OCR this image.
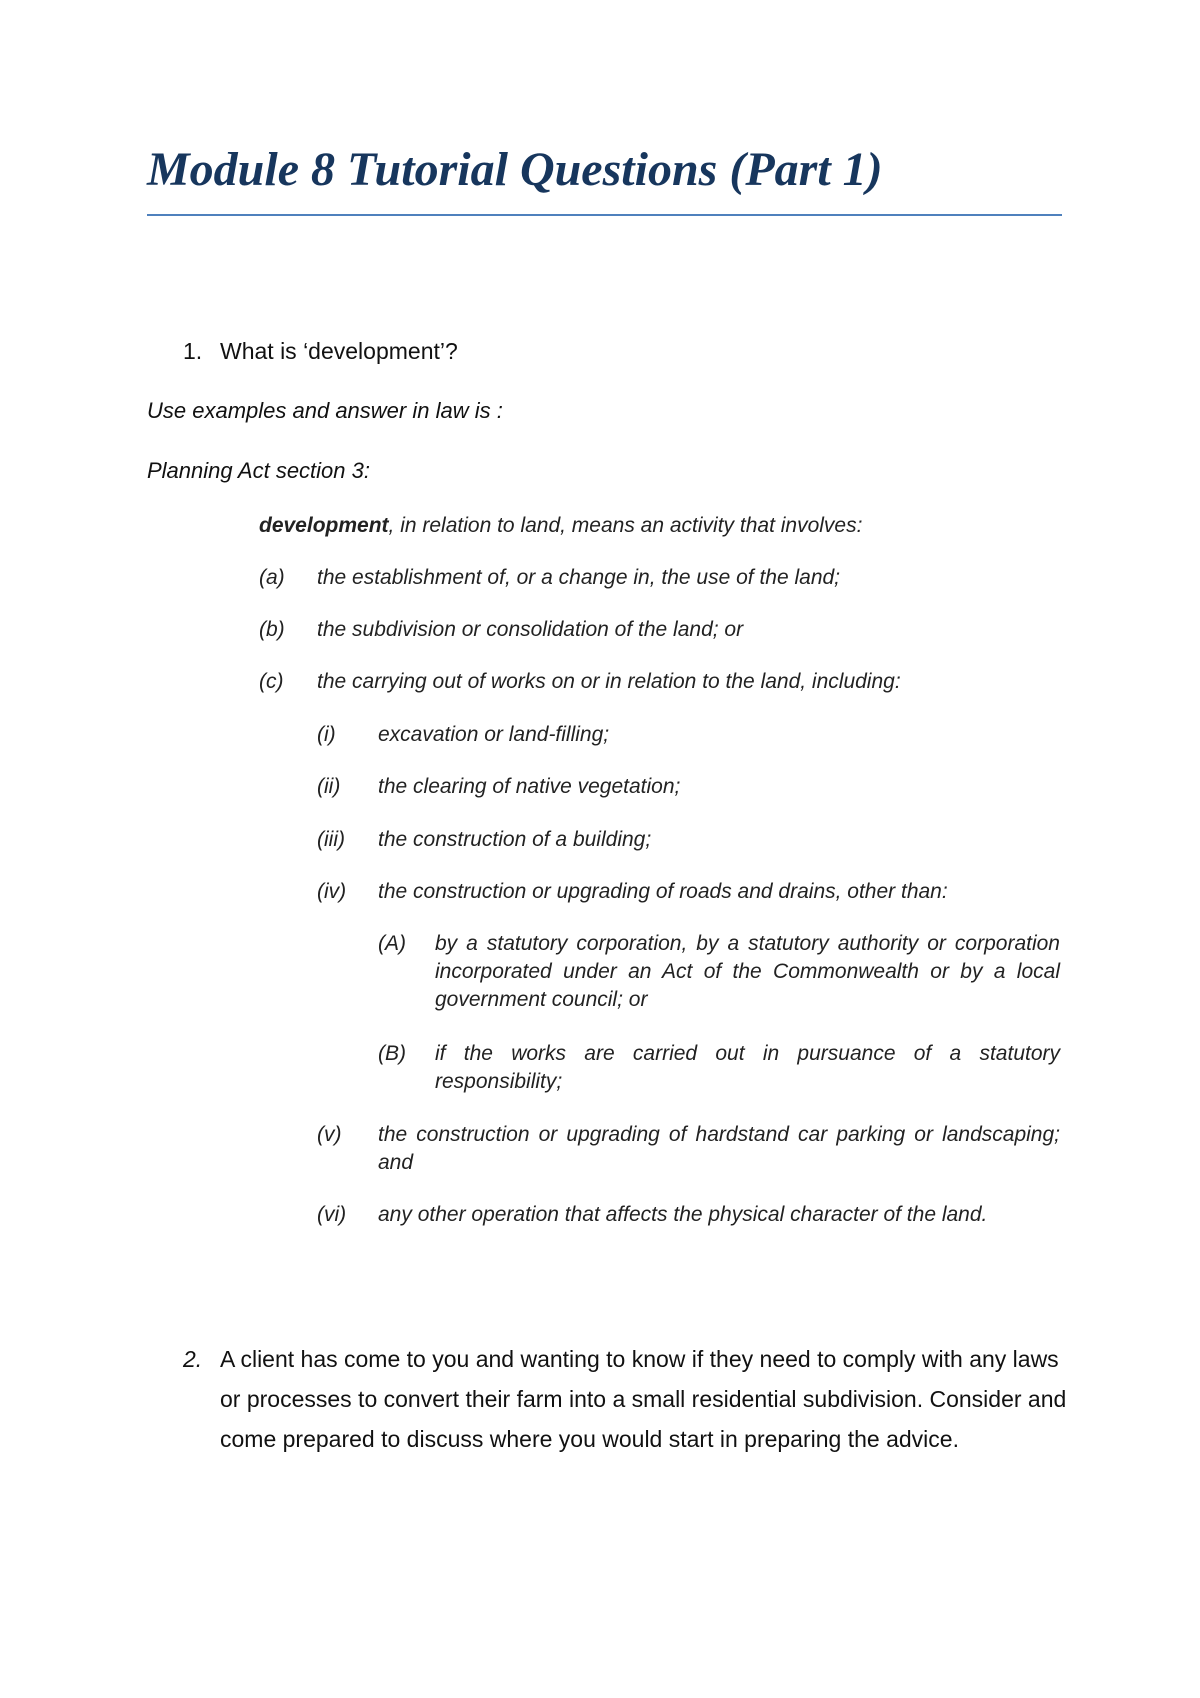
Module 8 Tutorial Questions (Part 1)
1. What is ‘development’?
Use examples and answer in law is :
Planning Act section 3:

development, in relation to land, means an activity that involves:

(a) the establishment of, or a change in, the use of the land;
(b) the subdivision or consolidation of the land; or
(c) the carrying out of works on or in relation to the land, including:
(i) excavation or land-filling;
(ii) the clearing of native vegetation;
(iii) the construction of a building;
(iv) the construction or upgrading of roads and drains, other than:
(A) by a statutory corporation, by a statutory authority or corporation incorporated under an Act of the Commonwealth or by a local government council; or

(B) if the works are carried out in pursuance of a statutory responsibility;

(v) the construction or upgrading of hardstand car parking or landscaping; and

(vi) any other operation that affects the physical character of the land.

2. A client has come to you and wanting to know if they need to comply with any laws or processes to convert their farm into a small residential subdivision. Consider and come prepared to discuss where you would start in preparing the advice.
